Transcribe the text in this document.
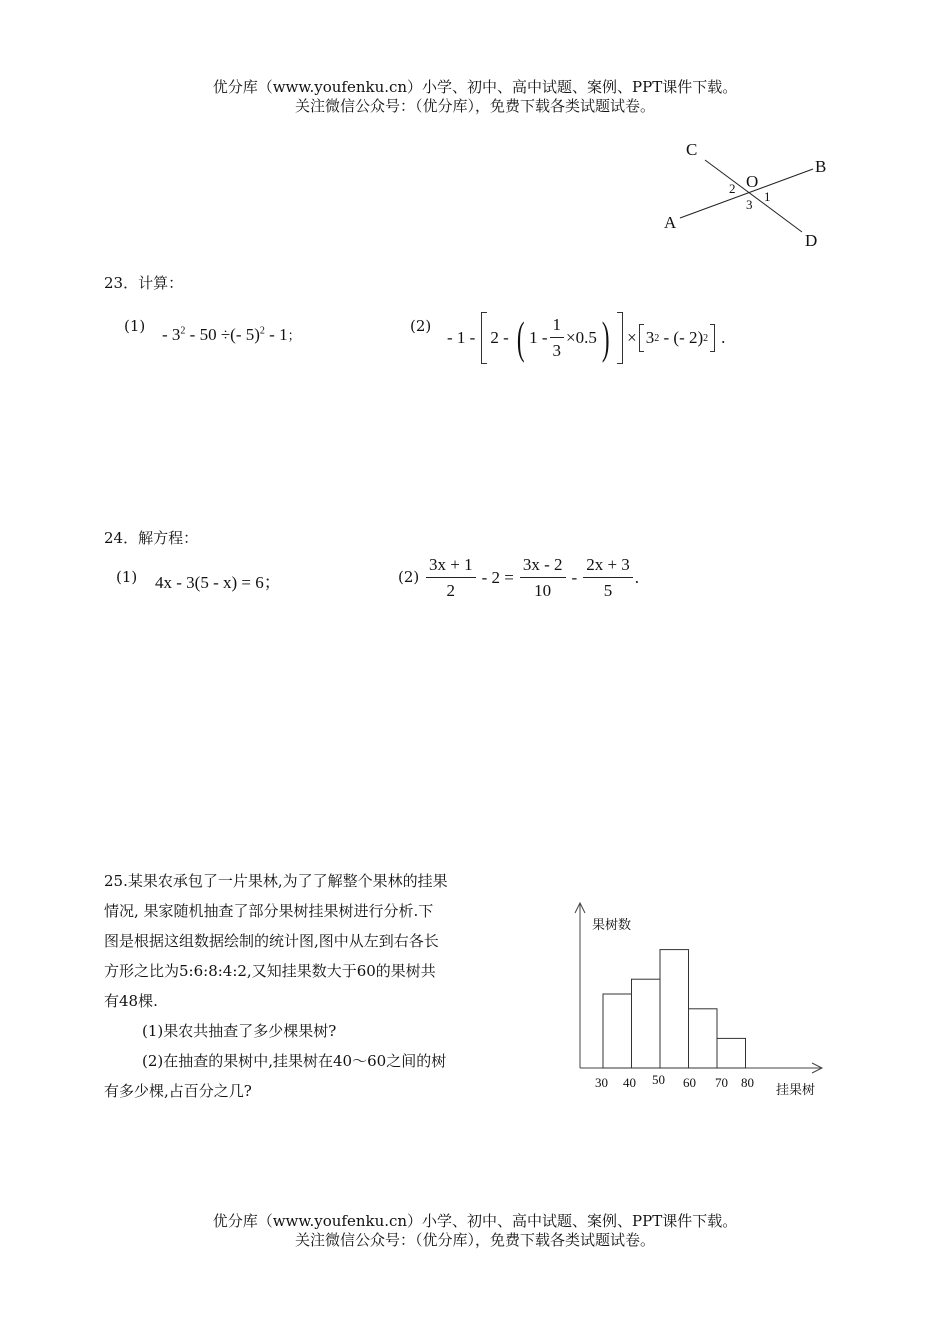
优分库（www.youfenku.cn）小学、初中、高中试题、案例、PPT课件下载。
关注微信公众号：（优分库），免费下载各类试题试卷。
C
B
O
A
D
2
1
3
23．计算：
$(1) - 3^2 - 50$ ÷(- 5)$^2$ - 1；
(2)
- 1 - 2 - ( $1 - \frac{1}{3} \times 0.5$ ) × 3 2 - (- 2) 2 .
24．解方程：
(1) 4x - 3(5 - x) = 6；	$(2) \frac{3x + 1}{2} - 2 = \frac{3x - 2}{10} - \frac{2x + 3}{5}$ .

25.某果农承包了一片果林,为了了解整个果林的挂果

情况, 果家随机抽查了部分果树挂果树进行分析.下

图是根据这组数据绘制的统计图,图中从左到右各长

方形之比为5:6:8:4:2,又知挂果数大于60的果树共

有48棵.

(1)果农共抽查了多少棵果树?

(2)在抽查的果树中,挂果树在40～60之间的树

有多少棵,占百分之几?

果树数
挂果树
30 40 50 60 70 80
优分库（www.youfenku.cn）小学、初中、高中试题、案例、PPT课件下载。
关注微信公众号：（优分库），免费下载各类试题试卷。
